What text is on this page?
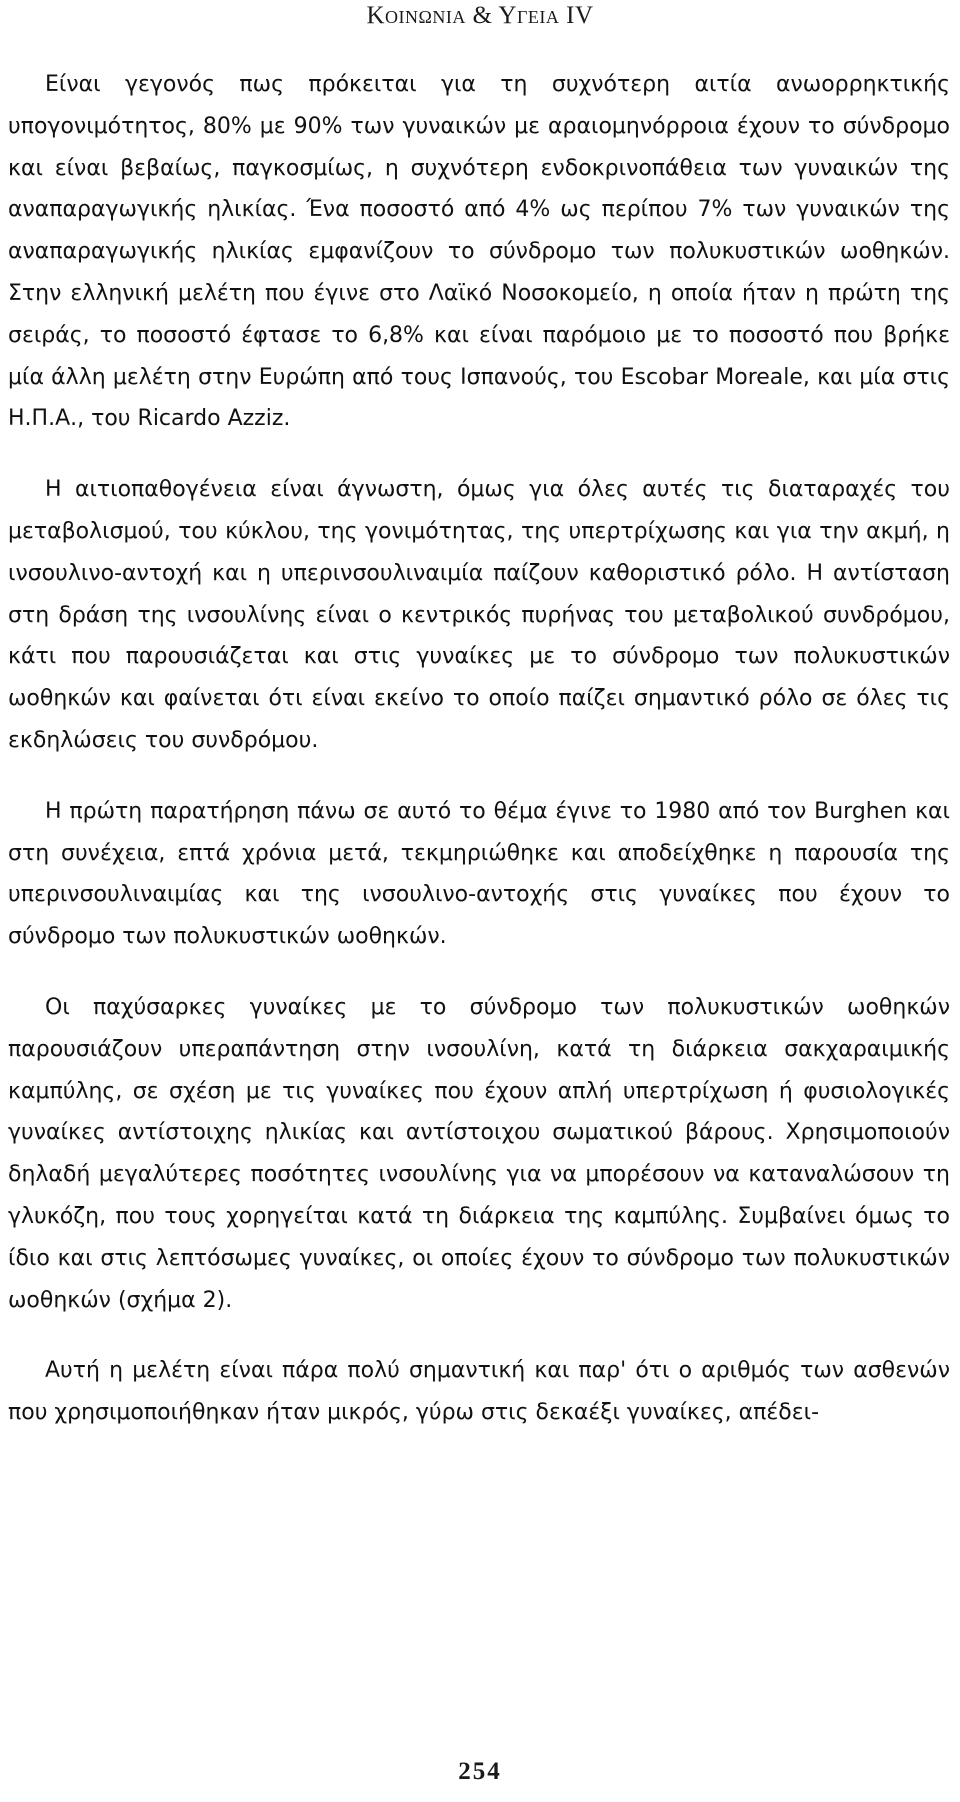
Κοινωνια & Υγεια IV

Είναι γεγονός πως πρόκειται για τη συχνότερη αιτία ανωορρηκτικής υπογονιμότητος, 80% με 90% των γυναικών με αραιομηνόρροια έχουν το σύνδρομο και είναι βεβαίως, παγκοσμίως, η συχνότερη ενδοκρινοπάθεια των γυναικών της αναπαραγωγικής ηλικίας. Ένα ποσοστό από 4% ως περίπου 7% των γυναικών της αναπαραγωγικής ηλικίας εμφανίζουν το σύνδρομο των πολυκυστικών ωοθηκών. Στην ελληνική μελέτη που έγινε στο Λαϊκό Νοσοκομείο, η οποία ήταν η πρώτη της σειράς, το ποσοστό έφτασε το 6,8% και είναι παρόμοιο με το ποσοστό που βρήκε μία άλλη μελέτη στην Ευρώπη από τους Ισπανούς, του Escobar Moreale, και μία στις Η.Π.Α., του Ricardo Azziz.

Η αιτιοπαθογένεια είναι άγνωστη, όμως για όλες αυτές τις διαταραχές του μεταβολισμού, του κύκλου, της γονιμότητας, της υπερτρίχωσης και για την ακμή, η ινσουλινο-αντοχή και η υπερινσουλιναιμία παίζουν καθοριστικό ρόλο. Η αντίσταση στη δράση της ινσουλίνης είναι ο κεντρικός πυρήνας του μεταβολικού συνδρόμου, κάτι που παρουσιάζεται και στις γυναίκες με το σύνδρομο των πολυκυστικών ωοθηκών και φαίνεται ότι είναι εκείνο το οποίο παίζει σημαντικό ρόλο σε όλες τις εκδηλώσεις του συνδρόμου.

Η πρώτη παρατήρηση πάνω σε αυτό το θέμα έγινε το 1980 από τον Burghen και στη συνέχεια, επτά χρόνια μετά, τεκμηριώθηκε και αποδείχθηκε η παρουσία της υπερινσουλιναιμίας και της ινσουλινο-αντοχής στις γυναίκες που έχουν το σύνδρομο των πολυκυστικών ωοθηκών.

Οι παχύσαρκες γυναίκες με το σύνδρομο των πολυκυστικών ωοθηκών παρουσιάζουν υπεραπάντηση στην ινσουλίνη, κατά τη διάρκεια σακχαραιμικής καμπύλης, σε σχέση με τις γυναίκες που έχουν απλή υπερτρίχωση ή φυσιολογικές γυναίκες αντίστοιχης ηλικίας και αντίστοιχου σωματικού βάρους. Χρησιμοποιούν δηλαδή μεγαλύτερες ποσότητες ινσουλίνης για να μπορέσουν να καταναλώσουν τη γλυκόζη, που τους χορηγείται κατά τη διάρκεια της καμπύλης. Συμβαίνει όμως το ίδιο και στις λεπτόσωμες γυναίκες, οι οποίες έχουν το σύνδρομο των πολυκυστικών ωοθηκών (σχήμα 2).

Αυτή η μελέτη είναι πάρα πολύ σημαντική και παρ' ότι ο αριθμός των ασθενών που χρησιμοποιήθηκαν ήταν μικρός, γύρω στις δεκαέξι γυναίκες, απέδει-

254
